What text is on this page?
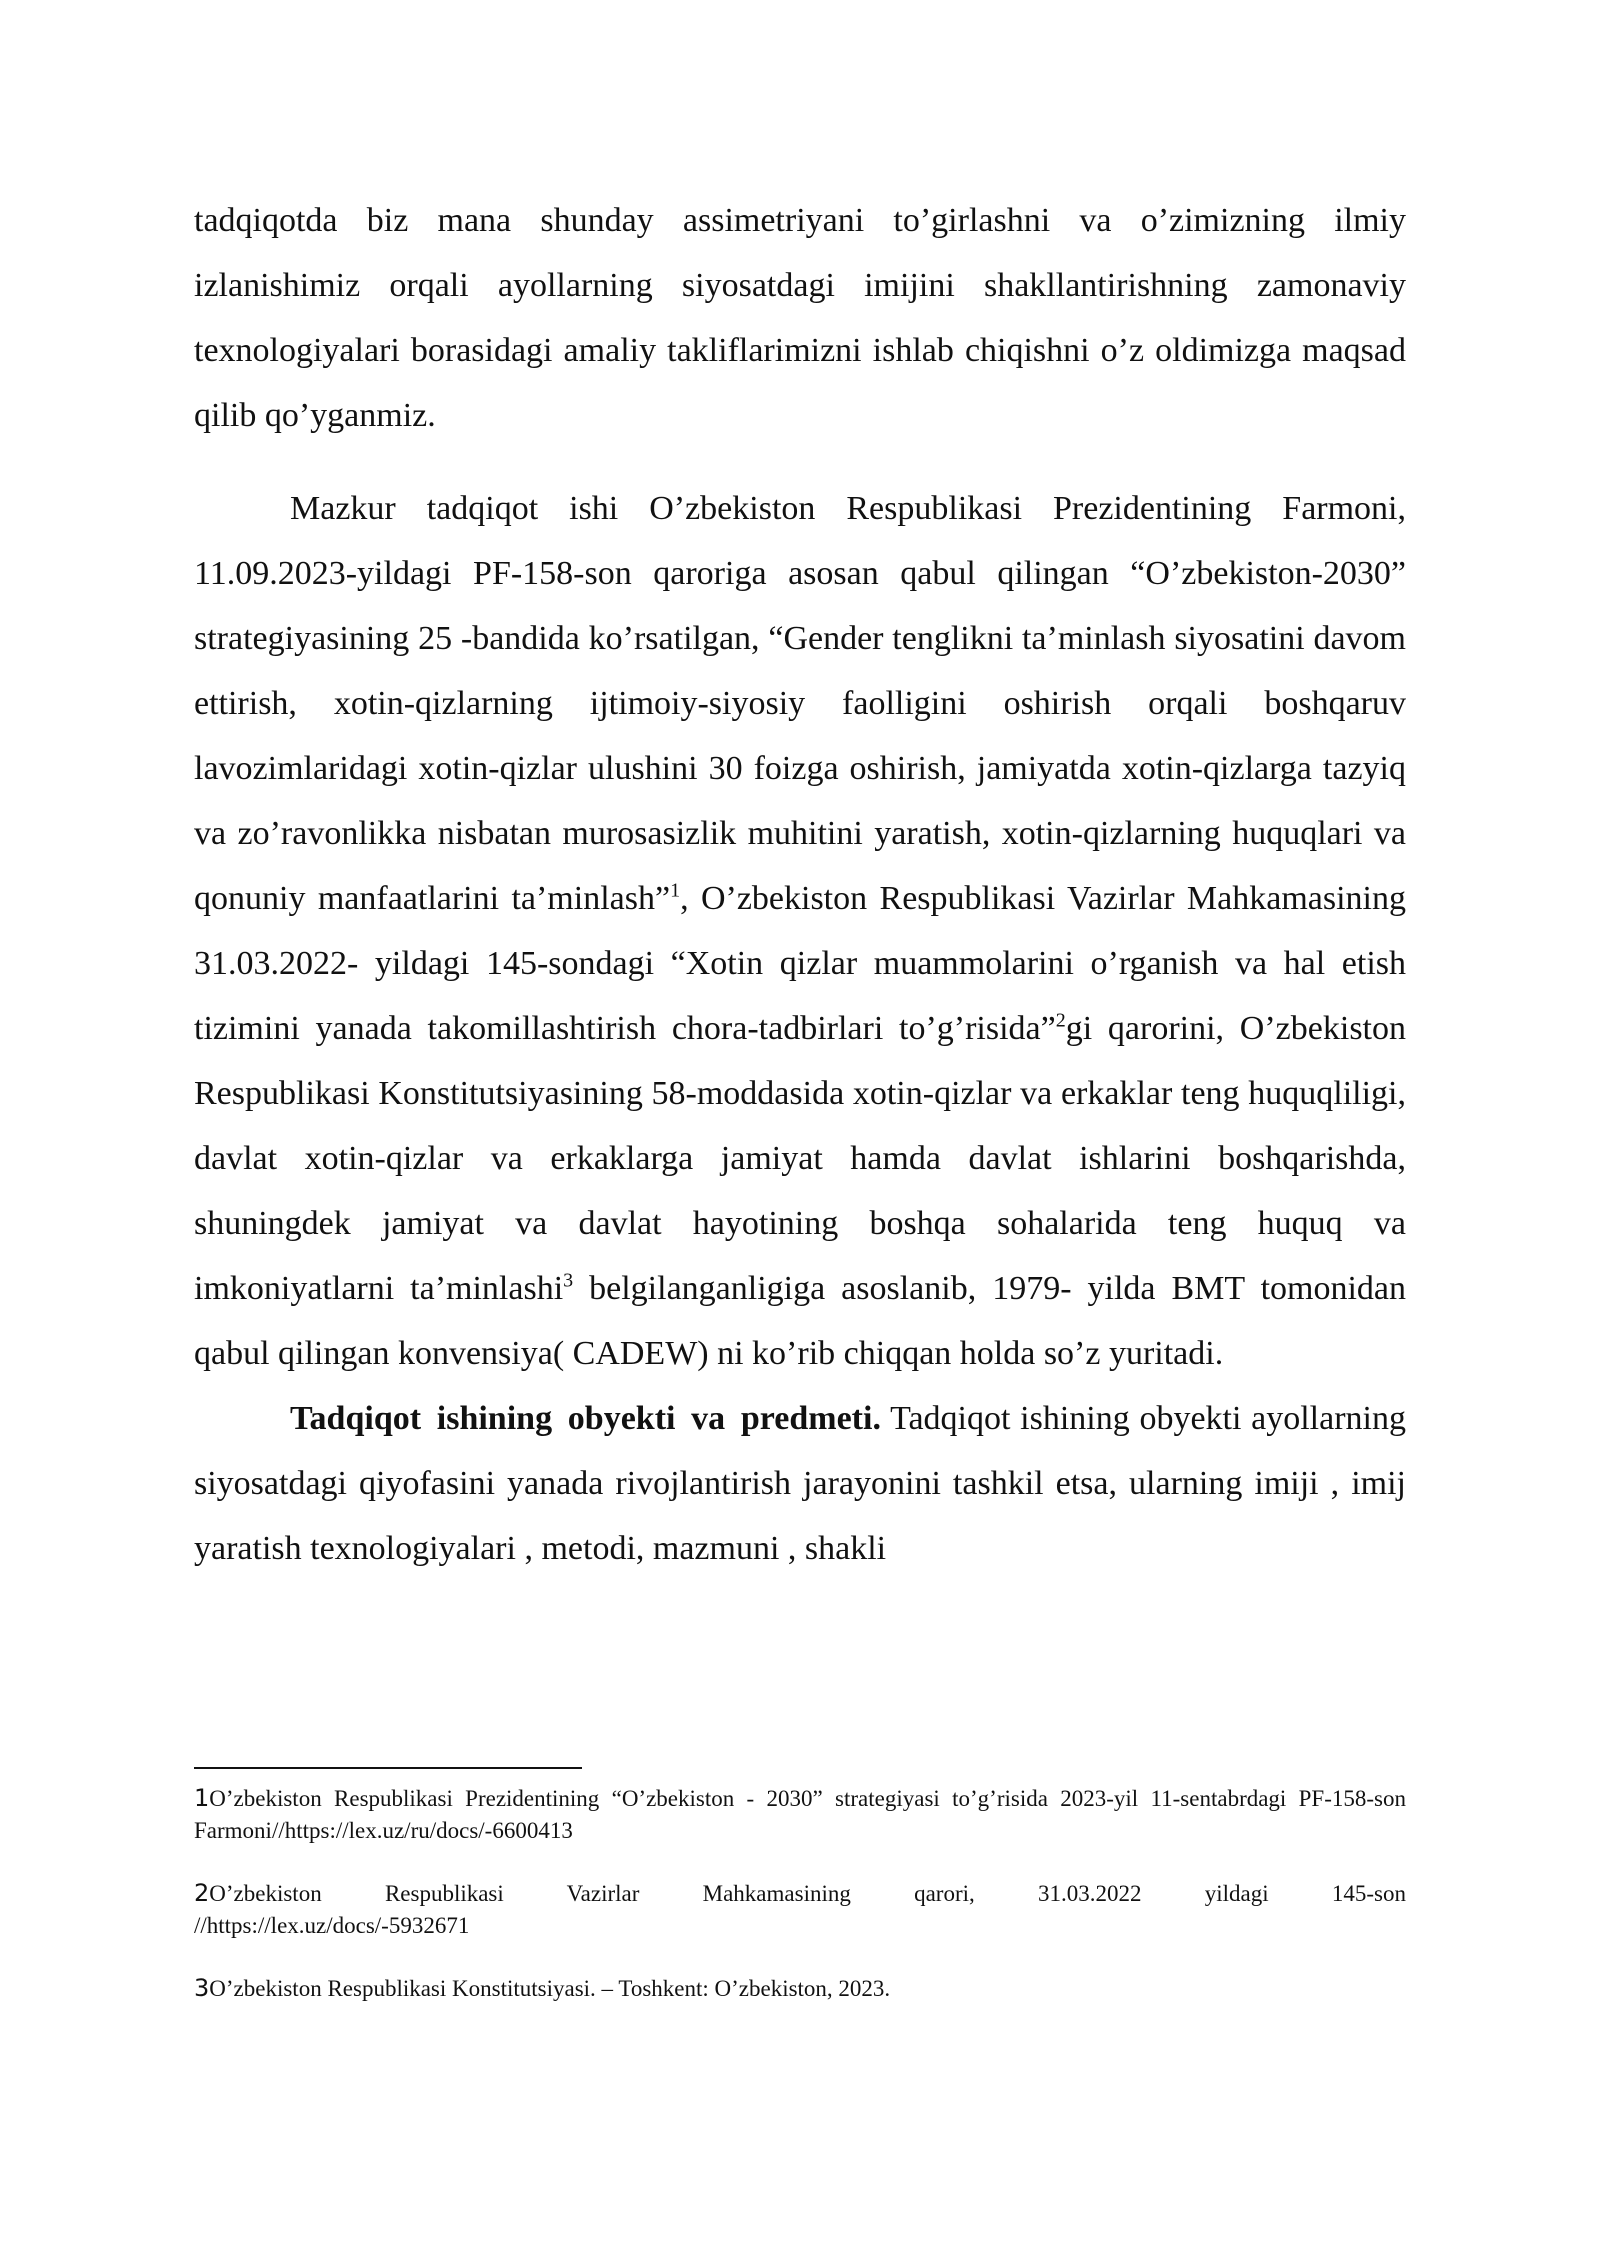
tadqiqotda biz mana shunday assimetriyani to’girlashni va o’zimizning ilmiy izlanishimiz orqali ayollarning siyosatdagi imijini shakllantirishning zamonaviy texnologiyalari borasidagi amaliy takliflarimizni ishlab chiqishni o’z oldimizga maqsad qilib qo’yganmiz.

Mazkur tadqiqot ishi O’zbekiston Respublikasi Prezidentining Farmoni, 11.09.2023-yildagi PF-158-son qaroriga asosan qabul qilingan “O’zbekiston-2030” strategiyasining 25 -bandida ko’rsatilgan, “Gender tenglikni ta’minlash siyosatini davom ettirish, xotin-qizlarning ijtimoiy-siyosiy faolligini oshirish orqali boshqaruv lavozimlaridagi xotin-qizlar ulushini 30 foizga oshirish, jamiyatda xotin-qizlarga tazyiq va zo’ravonlikka nisbatan murosasizlik muhitini yaratish, xotin-qizlarning huquqlari va qonuniy manfaatlarini ta’minlash”$^1$, O’zbekiston Respublikasi Vazirlar Mahkamasining 31.03.2022- yildagi 145-sondagi “Xotin qizlar muammolarini o’rganish va hal etish tizimini yanada takomillashtirish chora-tadbirlari to’g’risida”$^2$gi qarorini, O’zbekiston Respublikasi Konstitutsiyasining 58-moddasida xotin-qizlar va erkaklar teng huquqliligi, davlat xotin-qizlar va erkaklarga jamiyat hamda davlat ishlarini boshqarishda, shuningdek jamiyat va davlat hayotining boshqa sohalarida teng huquq va imkoniyatlarni ta’minlashi$^3$ belgilanganligiga asoslanib, 1979- yilda BMT tomonidan qabul qilingan konvensiya( CADEW) ni ko’rib chiqqan holda so’z yuritadi.

Tadqiqot ishining obyekti va predmeti. Tadqiqot ishining obyekti ayollarning siyosatdagi qiyofasini yanada rivojlantirish jarayonini tashkil etsa, ularning imiji , imij yaratish texnologiyalari , metodi, mazmuni , shakli

1O’zbekiston Respublikasi Prezidentining “O’zbekiston - 2030” strategiyasi to’g’risida 2023-yil 11-sentabrdagi PF-158-son Farmoni//https://lex.uz/ru/docs/-6600413

2O’zbekiston Respublikasi Vazirlar Mahkamasining qarori, 31.03.2022 yildagi 145-son
//https://lex.uz/docs/-5932671

3O’zbekiston Respublikasi Konstitutsiyasi. – Toshkent: O’zbekiston, 2023.
